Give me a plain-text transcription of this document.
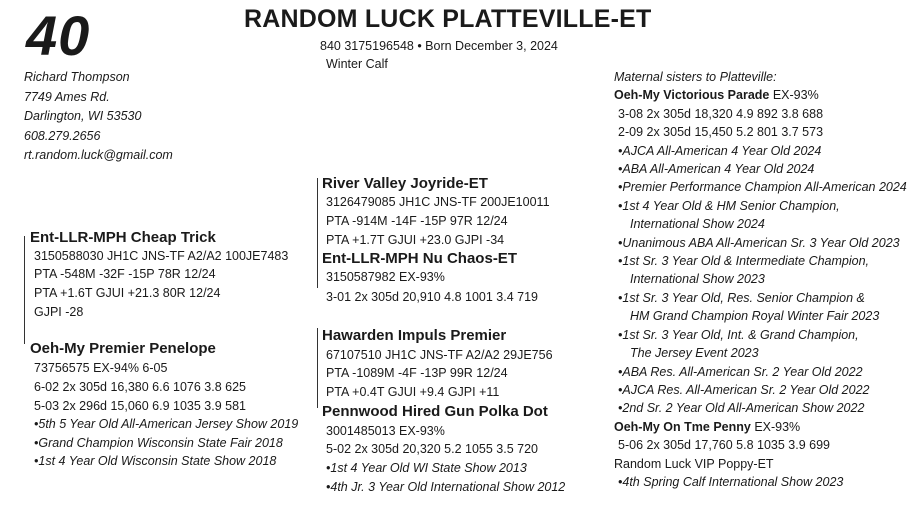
40	RANDOM LUCK PLATTEVILLE-ET
840 3175196548 • Born December 3, 2024
Winter Calf
Richard Thompson
7749 Ames Rd.
Darlington, WI 53530
608.279.2656
rt.random.luck@gmail.com
Ent-LLR-MPH Cheap Trick
3150588030 JH1C JNS-TF A2/A2 100JE7483
PTA -548M -32F -15P 78R 12/24
PTA +1.6T GJUI +21.3 80R 12/24
GJPI -28
Oeh-My Premier Penelope
73756575 EX-94% 6-05
6-02 2x 305d 16,380 6.6 1076 3.8 625
5-03 2x 296d 15,060 6.9 1035 3.9 581
•5th 5 Year Old All-American Jersey Show 2019
•Grand Champion Wisconsin State Fair 2018
•1st 4 Year Old Wisconsin State Show 2018
River Valley Joyride-ET
3126479085 JH1C JNS-TF 200JE10011
PTA -914M -14F -15P 97R 12/24
PTA +1.7T GJUI +23.0 GJPI -34
Ent-LLR-MPH Nu Chaos-ET
3150587982 EX-93%
3-01 2x 305d 20,910 4.8 1001 3.4 719
Hawarden Impuls Premier
67107510 JH1C JNS-TF A2/A2 29JE756
PTA -1089M -4F -13P 99R 12/24
PTA +0.4T GJUI +9.4 GJPI +11
Pennwood Hired Gun Polka Dot
3001485013 EX-93%
5-02 2x 305d 20,320 5.2 1055 3.5 720
•1st 4 Year Old WI State Show 2013
•4th Jr. 3 Year Old International Show 2012
Maternal sisters to Platteville:
Oeh-My Victorious Parade EX-93%
3-08 2x 305d 18,320 4.9 892 3.8 688
2-09 2x 305d 15,450 5.2 801 3.7 573
•AJCA All-American 4 Year Old 2024
•ABA All-American 4 Year Old 2024
•Premier Performance Champion All-American 2024
•1st 4 Year Old & HM Senior Champion,
International Show 2024
•Unanimous ABA All-American Sr. 3 Year Old 2023
•1st Sr. 3 Year Old & Intermediate Champion,
International Show 2023
•1st Sr. 3 Year Old, Res. Senior Champion &
HM Grand Champion Royal Winter Fair 2023
•1st Sr. 3 Year Old, Int. & Grand Champion,
The Jersey Event 2023
•ABA Res. All-American Sr. 2 Year Old 2022
•AJCA Res. All-American Sr. 2 Year Old 2022
•2nd Sr. 2 Year Old All-American Show 2022
Oeh-My On Tme Penny EX-93%
5-06 2x 305d 17,760 5.8 1035 3.9 699
Random Luck VIP Poppy-ET
•4th Spring Calf International Show 2023
